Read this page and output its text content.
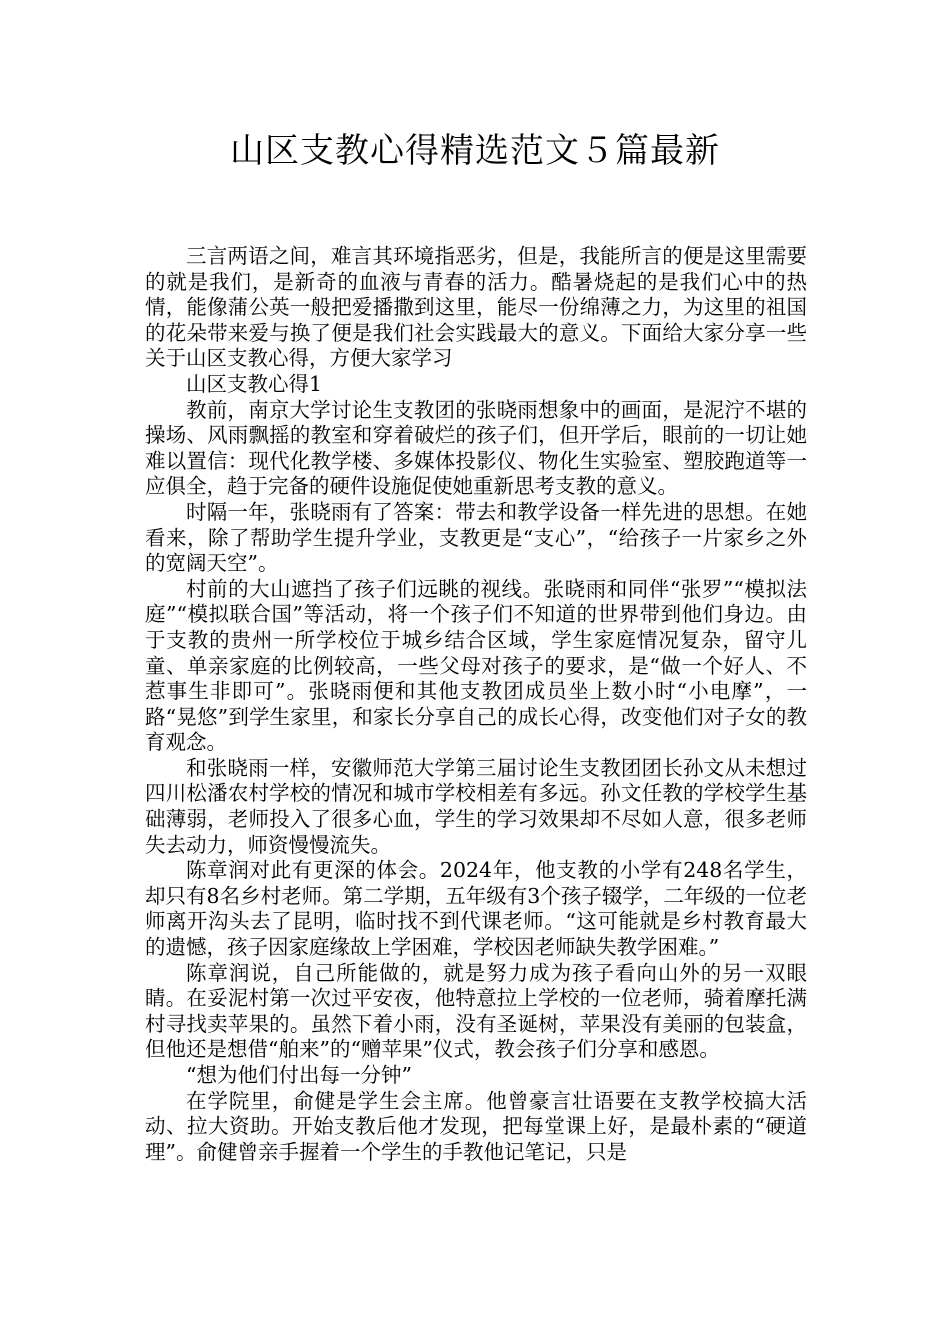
山区支教心得精选范文５篇最新

三言两语之间，难言其环境指恶劣，但是，我能所言的便是这里需要的就是我们，是新奇的血液与青春的活力。酷暑烧起的是我们心中的热情，能像蒲公英一般把爱播撒到这里，能尽一份绵薄之力，为这里的祖国的花朵带来爱与换了便是我们社会实践最大的意义。下面给大家分享一些关于山区支教心得，方便大家学习

山区支教心得1

教前，南京大学讨论生支教团的张晓雨想象中的画面，是泥泞不堪的操场、风雨飘摇的教室和穿着破烂的孩子们，但开学后，眼前的一切让她难以置信：现代化教学楼、多媒体投影仪、物化生实验室、塑胶跑道等一应俱全，趋于完备的硬件设施促使她重新思考支教的意义。

时隔一年，张晓雨有了答案：带去和教学设备一样先进的思想。在她看来，除了帮助学生提升学业，支教更是“支心”，“给孩子一片家乡之外的宽阔天空”。

村前的大山遮挡了孩子们远眺的视线。张晓雨和同伴“张罗”“模拟法庭”“模拟联合国”等活动，将一个孩子们不知道的世界带到他们身边。由于支教的贵州一所学校位于城乡结合区域，学生家庭情况复杂，留守儿童、单亲家庭的比例较高，一些父母对孩子的要求，是“做一个好人、不惹事生非即可”。张晓雨便和其他支教团成员坐上数小时“小电摩”，一路“晃悠”到学生家里，和家长分享自己的成长心得，改变他们对子女的教育观念。

和张晓雨一样，安徽师范大学第三届讨论生支教团团长孙文从未想过四川松潘农村学校的情况和城市学校相差有多远。孙文任教的学校学生基础薄弱，老师投入了很多心血，学生的学习效果却不尽如人意，很多老师失去动力，师资慢慢流失。

陈章润对此有更深的体会。2024年，他支教的小学有248名学生，却只有8名乡村老师。第二学期，五年级有3个孩子辍学，二年级的一位老师离开沟头去了昆明，临时找不到代课老师。“这可能就是乡村教育最大的遗憾，孩子因家庭缘故上学困难，学校因老师缺失教学困难。”

陈章润说，自己所能做的，就是努力成为孩子看向山外的另一双眼睛。在妥泥村第一次过平安夜，他特意拉上学校的一位老师，骑着摩托满村寻找卖苹果的。虽然下着小雨，没有圣诞树，苹果没有美丽的包装盒，但他还是想借“舶来”的“赠苹果”仪式，教会孩子们分享和感恩。

“想为他们付出每一分钟”

在学院里，俞健是学生会主席。他曾豪言壮语要在支教学校搞大活动、拉大资助。开始支教后他才发现，把每堂课上好，是最朴素的“硬道理”。俞健曾亲手握着一个学生的手教他记笔记，只是
